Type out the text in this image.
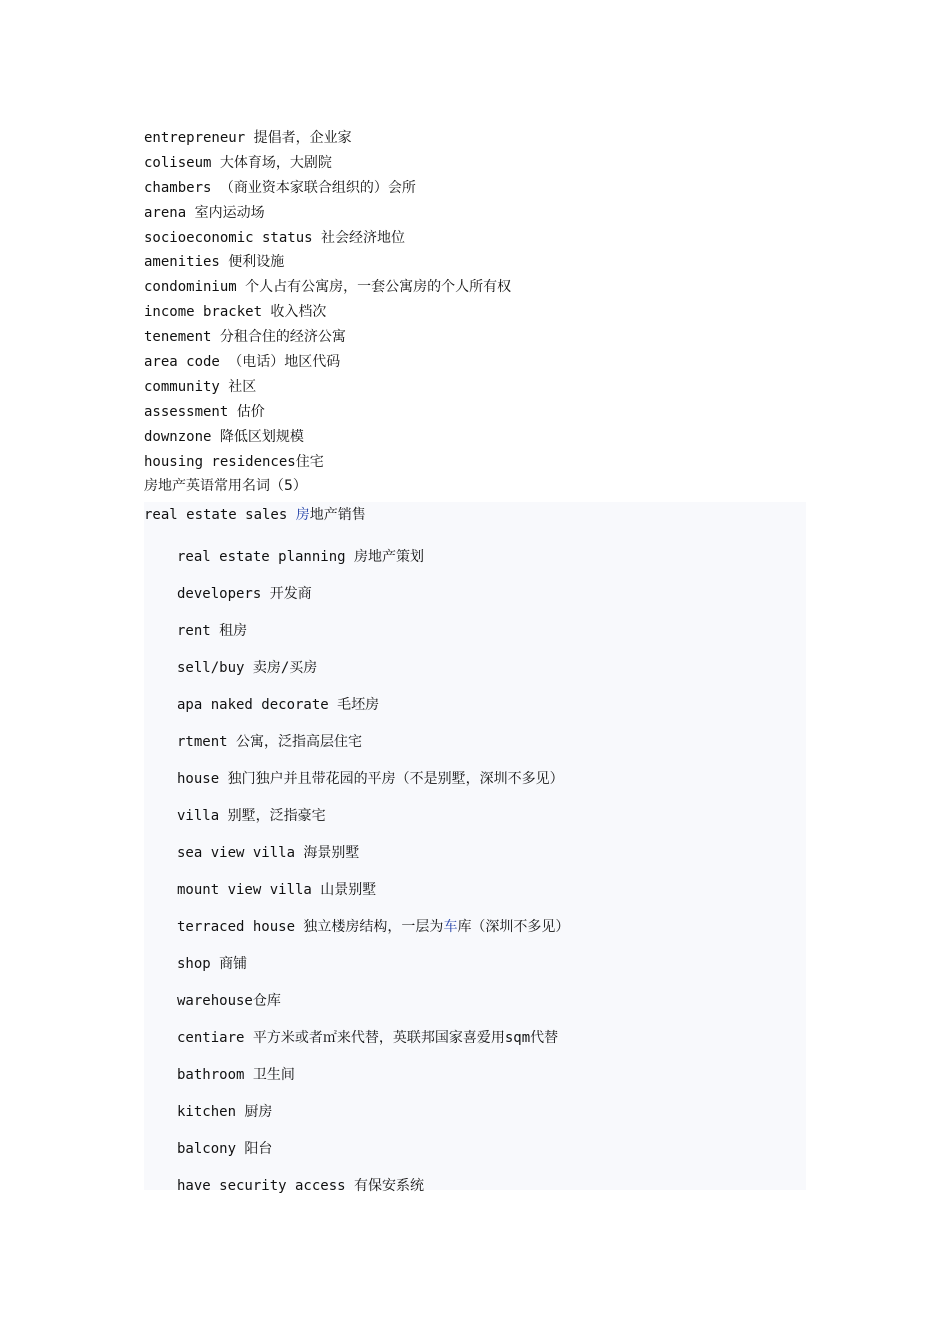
entrepreneur 提倡者，企业家
coliseum 大体育场，大剧院
chambers （商业资本家联合组织的）会所
arena 室内运动场
socioeconomic status 社会经济地位
amenities 便利设施
condominium 个人占有公寓房，一套公寓房的个人所有权
income bracket 收入档次
tenement 分租合住的经济公寓
area code （电话）地区代码
community 社区
assessment 估价
downzone 降低区划规模
housing residences住宅
房地产英语常用名词（5）
real estate sales 房地产销售
real estate planning 房地产策划
developers 开发商
rent 租房
sell/buy 卖房/买房
apa naked decorate 毛坯房
rtment 公寓，泛指高层住宅
house 独门独户并且带花园的平房（不是别墅，深圳不多见）
villa 别墅，泛指豪宅
sea view villa 海景别墅
mount view villa 山景别墅
terraced house 独立楼房结构，一层为车库（深圳不多见）
shop 商铺
warehouse仓库
centiare 平方米或者㎡来代替，英联邦国家喜爱用sqm代替
bathroom 卫生间
kitchen 厨房
balcony 阳台
have security access 有保安系统
